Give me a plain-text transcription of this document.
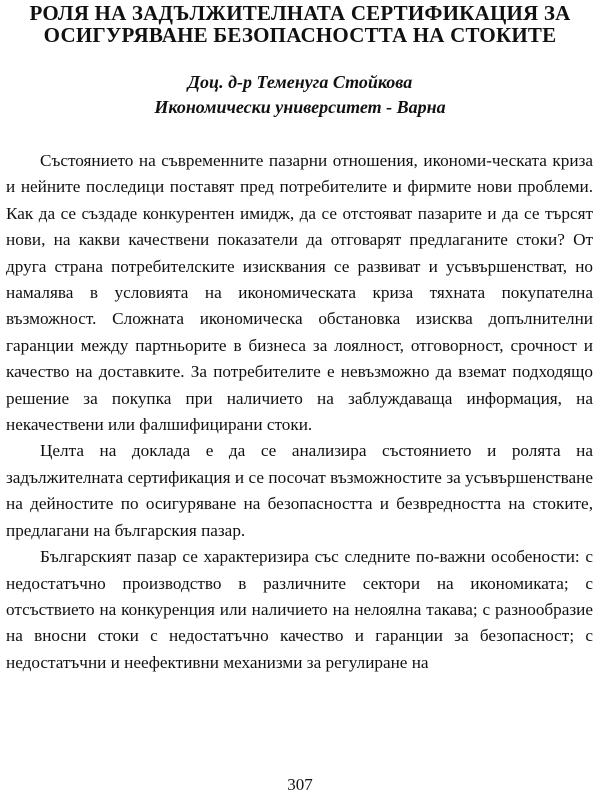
РОЛЯ НА ЗАДЪЛЖИТЕЛНАТА СЕРТИФИКАЦИЯ ЗА
ОСИГУРЯВАНЕ БЕЗОПАСНОСТТА НА СТОКИТЕ
Доц. д-р Теменуга Стойкова
Икономически университет - Варна

Състоянието на съвременните пазарни отношения, икономи-ческата криза и нейните последици поставят пред потребителите и фирмите нови проблеми. Как да се създаде конкурентен имидж, да се отстояват пазарите и да се търсят нови, на какви качествени показатели да отговарят предлаганите стоки? От друга страна потребителските изисквания се развиват и усъвършенстват, но намалява в условията на икономическата криза тяхната покупателна възможност. Сложната икономическа обстановка изисква допълнителни гаранции между партньорите в бизнеса за лоялност, отговорност, срочност и качество на доставките. За потребителите е невъзможно да вземат подходящо решение за покупка при наличието на заблуждаваща информация, на некачествени или фалшифицирани стоки.

Целта на доклада е да се анализира състоянието и ролята на задължителната сертификация и се посочат възможностите за усъвършенстване на дейностите по осигуряване на безопасността и безвредността на стоките, предлагани на българския пазар.

Българският пазар се характеризира със следните по-важни особености: с недостатъчно производство в различните сектори на икономиката; с отсъствието на конкуренция или наличието на нелоялна такава; с разнообразие на вносни стоки с недостатъчно качество и гаранции за безопасност; с недостатъчни и неефективни механизми за регулиране на

307
